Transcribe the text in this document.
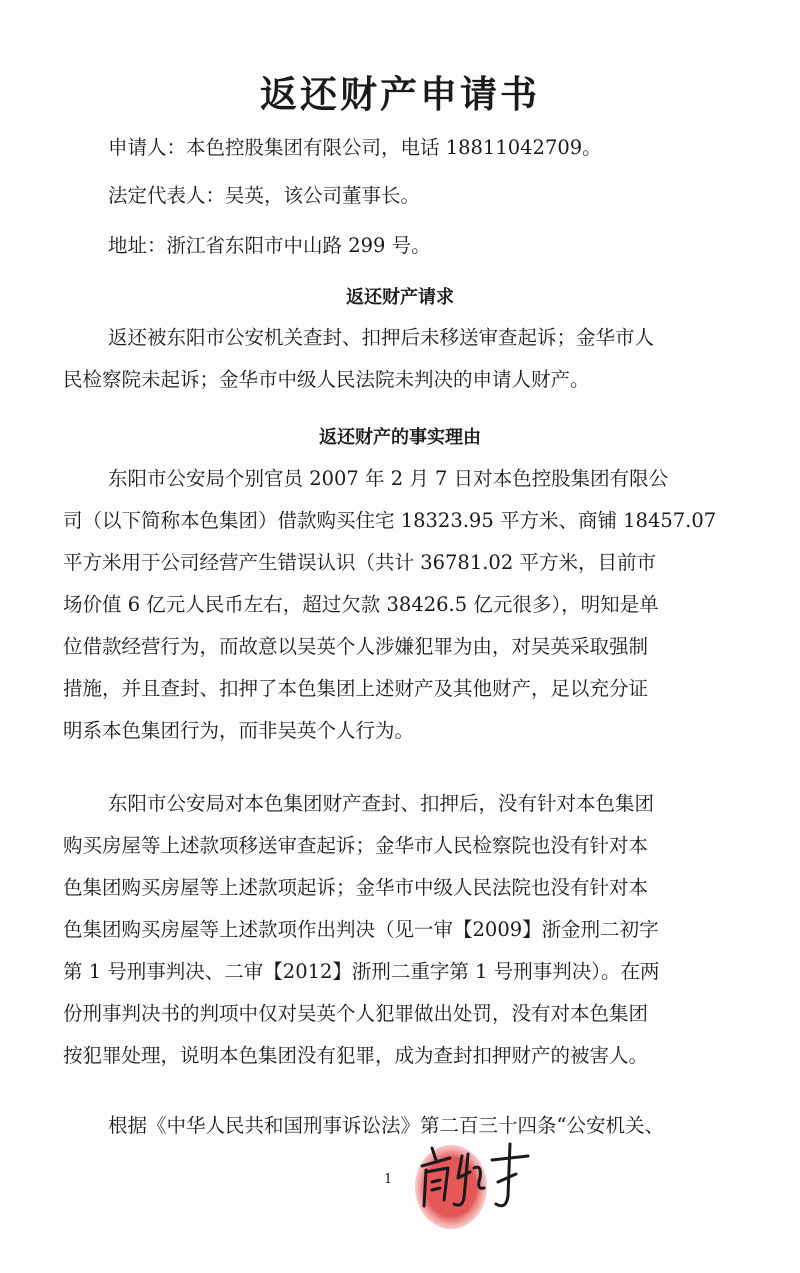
返还财产申请书
申请人：本色控股集团有限公司，电话 18811042709。
法定代表人：吴英，该公司董事长。
地址：浙江省东阳市中山路 299 号。
返还财产请求
返还被东阳市公安机关查封、扣押后未移送审查起诉；金华市人
民检察院未起诉；金华市中级人民法院未判决的申请人财产。
返还财产的事实理由
东阳市公安局个别官员 2007 年 2 月 7 日对本色控股集团有限公
司（以下简称本色集团）借款购买住宅 18323.95 平方米、商铺 18457.07
平方米用于公司经营产生错误认识（共计 36781.02 平方米，目前市
场价值 6 亿元人民币左右，超过欠款 38426.5 亿元很多），明知是单
位借款经营行为，而故意以吴英个人涉嫌犯罪为由，对吴英采取强制
措施，并且查封、扣押了本色集团上述财产及其他财产，足以充分证
明系本色集团行为，而非吴英个人行为。
东阳市公安局对本色集团财产查封、扣押后，没有针对本色集团
购买房屋等上述款项移送审查起诉；金华市人民检察院也没有针对本
色集团购买房屋等上述款项起诉；金华市中级人民法院也没有针对本
色集团购买房屋等上述款项作出判决（见一审【2009】浙金刑二初字
第 1 号刑事判决、二审【2012】浙刑二重字第 1 号刑事判决）。在两
份刑事判决书的判项中仅对吴英个人犯罪做出处罚，没有对本色集团
按犯罪处理，说明本色集团没有犯罪，成为查封扣押财产的被害人。
根据《中华人民共和国刑事诉讼法》第二百三十四条“公安机关、
1
